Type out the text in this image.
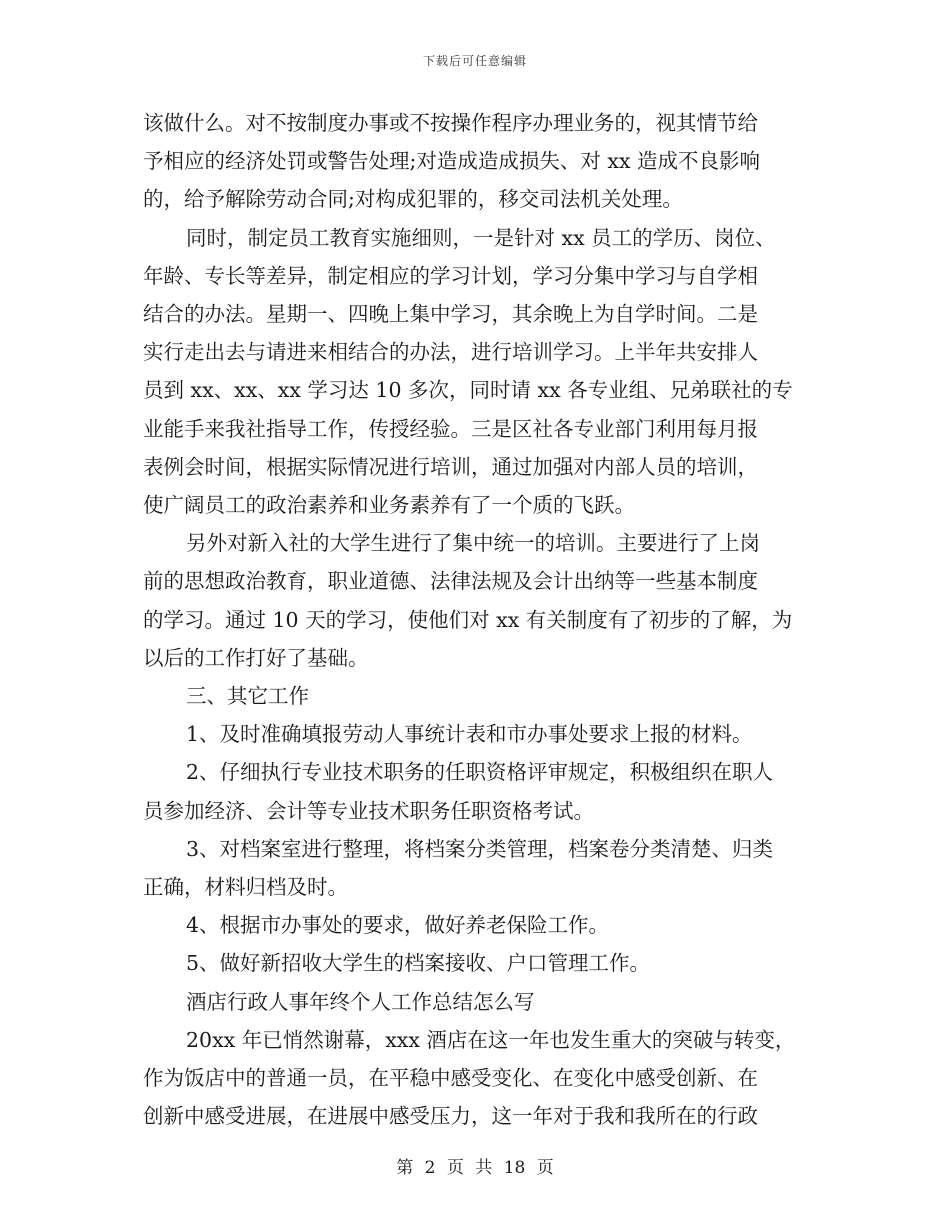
下载后可任意编辑

该做什么。对不按制度办事或不按操作程序办理业务的，视其情节给

予相应的经济处罚或警告处理;对造成造成损失、对 xx 造成不良影响

的，给予解除劳动合同;对构成犯罪的，移交司法机关处理。

同时，制定员工教育实施细则，一是针对 xx 员工的学历、岗位、

年龄、专长等差异，制定相应的学习计划，学习分集中学习与自学相

结合的办法。星期一、四晚上集中学习，其余晚上为自学时间。二是

实行走出去与请进来相结合的办法，进行培训学习。上半年共安排人

员到 xx、xx、xx 学习达 10 多次，同时请 xx 各专业组、兄弟联社的专

业能手来我社指导工作，传授经验。三是区社各专业部门利用每月报

表例会时间，根据实际情况进行培训，通过加强对内部人员的培训，

使广阔员工的政治素养和业务素养有了一个质的飞跃。

另外对新入社的大学生进行了集中统一的培训。主要进行了上岗

前的思想政治教育，职业道德、法律法规及会计出纳等一些基本制度

的学习。通过 10 天的学习，使他们对 xx 有关制度有了初步的了解，为

以后的工作打好了基础。

三、其它工作

1、及时准确填报劳动人事统计表和市办事处要求上报的材料。

2、仔细执行专业技术职务的任职资格评审规定，积极组织在职人

员参加经济、会计等专业技术职务任职资格考试。

3、对档案室进行整理，将档案分类管理，档案卷分类清楚、归类

正确，材料归档及时。

4、根据市办事处的要求，做好养老保险工作。

5、做好新招收大学生的档案接收、户口管理工作。

酒店行政人事年终个人工作总结怎么写

20xx 年已悄然谢幕，xxx 酒店在这一年也发生重大的突破与转变，

作为饭店中的普通一员，在平稳中感受变化、在变化中感受创新、在

创新中感受进展，在进展中感受压力，这一年对于我和我所在的行政

第 2 页 共 18 页
